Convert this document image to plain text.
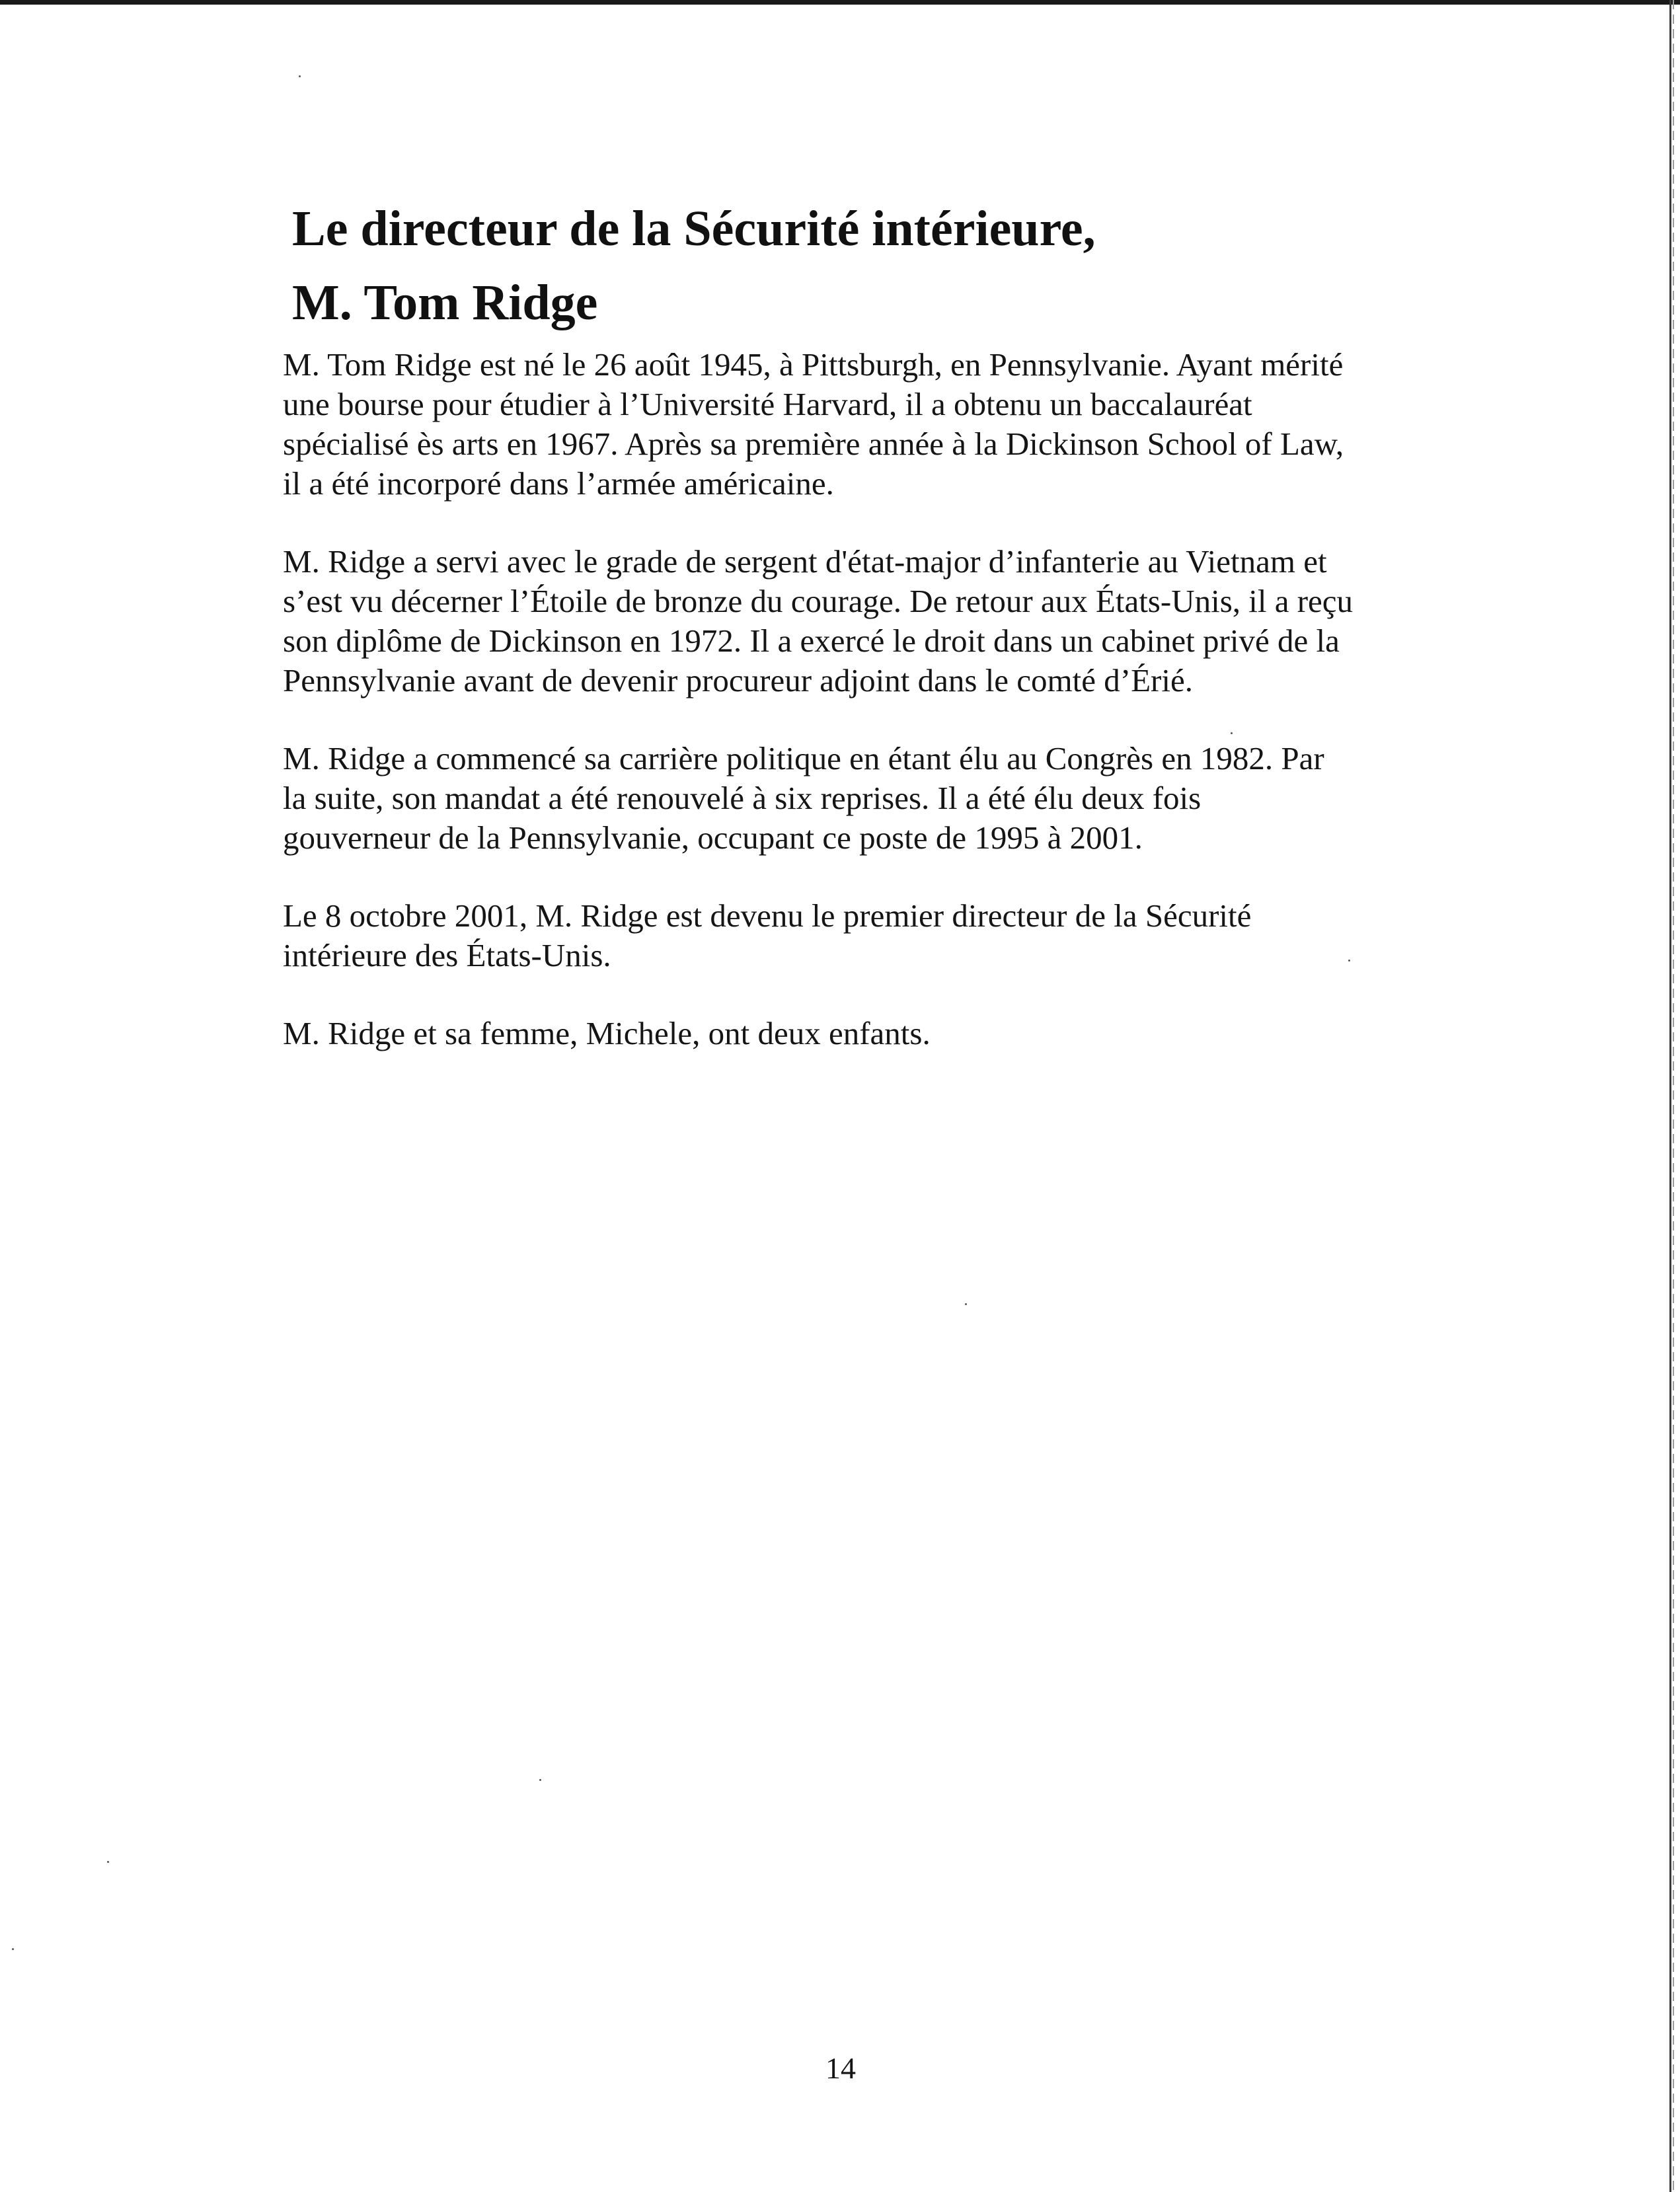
Le directeur de la Sécurité intérieure,
M. Tom Ridge

M. Tom Ridge est né le 26 août 1945, à Pittsburgh, en Pennsylvanie. Ayant mérité
une bourse pour étudier à l’Université Harvard, il a obtenu un baccalauréat
spécialisé ès arts en 1967. Après sa première année à la Dickinson School of Law,
il a été incorporé dans l’armée américaine.

M. Ridge a servi avec le grade de sergent d'état-major d’infanterie au Vietnam et
s’est vu décerner l’Étoile de bronze du courage. De retour aux États-Unis, il a reçu
son diplôme de Dickinson en 1972. Il a exercé le droit dans un cabinet privé de la
Pennsylvanie avant de devenir procureur adjoint dans le comté d’Érié.

M. Ridge a commencé sa carrière politique en étant élu au Congrès en 1982. Par
la suite, son mandat a été renouvelé à six reprises. Il a été élu deux fois
gouverneur de la Pennsylvanie, occupant ce poste de 1995 à 2001.

Le 8 octobre 2001, M. Ridge est devenu le premier directeur de la Sécurité
intérieure des États-Unis.

M. Ridge et sa femme, Michele, ont deux enfants.

14
